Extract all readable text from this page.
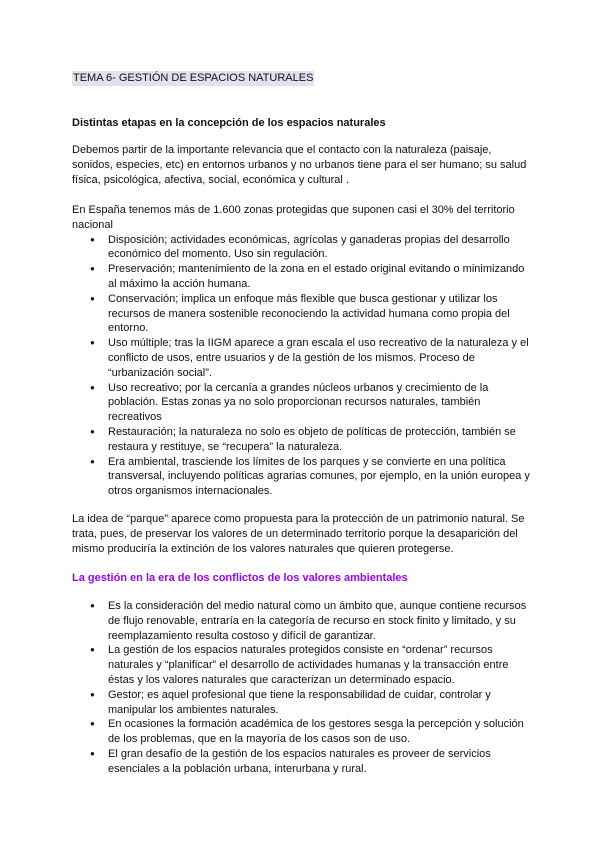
TEMA 6- GESTIÓN DE ESPACIOS NATURALES
Distintas etapas en la concepción de los espacios naturales
Debemos partir de la importante relevancia que el contacto con la naturaleza (paisaje, sonidos, especies, etc) en entornos urbanos y no urbanos tiene para el ser humano; su salud física, psicológica, afectiva, social, económica y cultural .
En España tenemos más de 1.600 zonas protegidas que suponen casi el 30% del territorio nacional
● Disposición; actividades económicas, agrícolas y ganaderas propias del desarrollo económico del momento. Uso sin regulación.
● Preservación; mantenimiento de la zona en el estado original evitando o minimizando al máximo la acción humana.
● Conservación; implica un enfoque más flexible que busca gestionar y utilizar los recursos de manera sostenible reconociendo la actividad humana como propia del entorno.
● Uso múltiple; tras la IIGM aparece a gran escala el uso recreativo de la naturaleza y el conflicto de usos, entre usuarios y de la gestión de los mismos. Proceso de “urbanización social”.
● Uso recreativo; por la cercanía a grandes núcleos urbanos y crecimiento de la población. Estas zonas ya no solo proporcionan recursos naturales, también recreativos
● Restauración; la naturaleza no solo es objeto de políticas de protección, también se restaura y restituye, se “recupera” la naturaleza.
● Era ambiental, trasciende los límites de los parques y se convierte en una política transversal, incluyendo políticas agrarias comunes, por ejemplo, en la unión europea y otros organismos internacionales.
La idea de “parque” aparece como propuesta para la protección de un patrimonio natural. Se trata, pues, de preservar los valores de un determinado territorio porque la desaparición del mismo produciría la extinción de los valores naturales que quieren protegerse.
La gestión en la era de los conflictos de los valores ambientales
● Es la consideración del medio natural como un ámbito que, aunque contiene recursos de flujo renovable, entraría en la categoría de recurso en stock finito y limitado, y su reemplazamiento resulta costoso y difícil de garantizar.
● La gestión de los espacios naturales protegidos consiste en “ordenar” recursos naturales y “planificar” el desarrollo de actividades humanas y la transacción entre éstas y los valores naturales que caracterizan un determinado espacio.
● Gestor; es aquel profesional que tiene la responsabilidad de cuidar, controlar y manipular los ambientes naturales.
● En ocasiones la formación académica de los gestores sesga la percepción y solución de los problemas, que en la mayoría de los casos son de uso.
● El gran desafío de la gestión de los espacios naturales es proveer de servicios esenciales a la población urbana, interurbana y rural.
